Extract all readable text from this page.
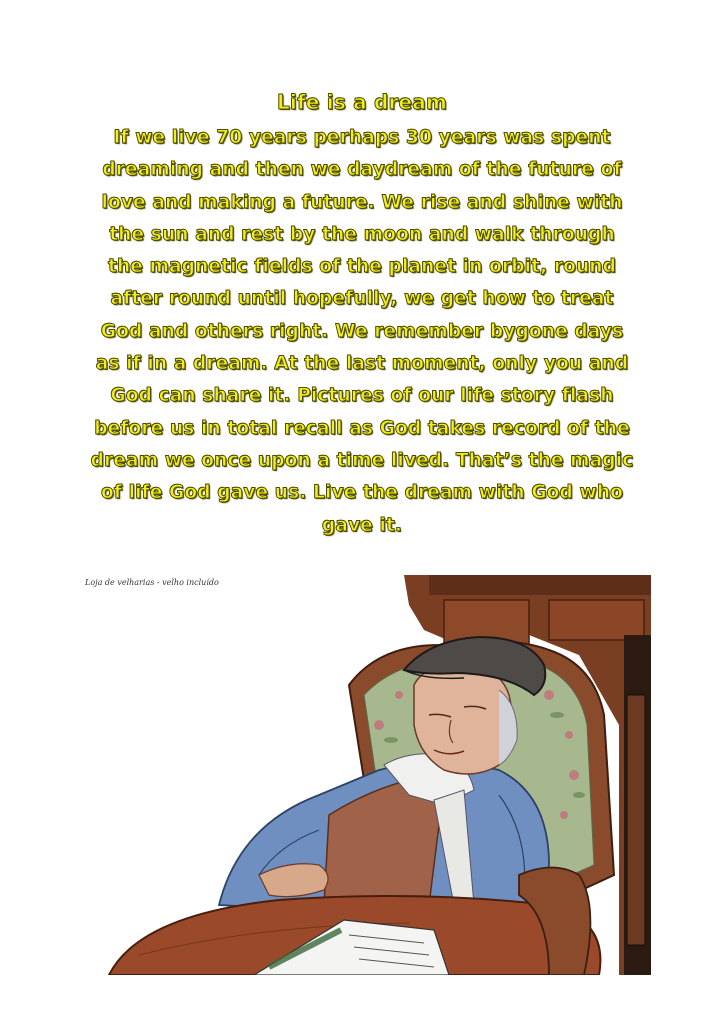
Life is a dream

If we live 70 years perhaps 30 years was spent
dreaming and then we daydream of the future of
love and making a future. We rise and shine with
the sun and rest by the moon and walk through
the magnetic fields of the planet in orbit, round
after round until hopefully, we get how to treat
God and others right. We remember bygone days
as if in a dream. At the last moment, only you and
God can share it. Pictures of our life story flash
before us in total recall as God takes record of the
dream we once upon a time lived. That’s the magic
of life God gave us. Live the dream with God who
gave it.

Loja de velharias - velho incluído
